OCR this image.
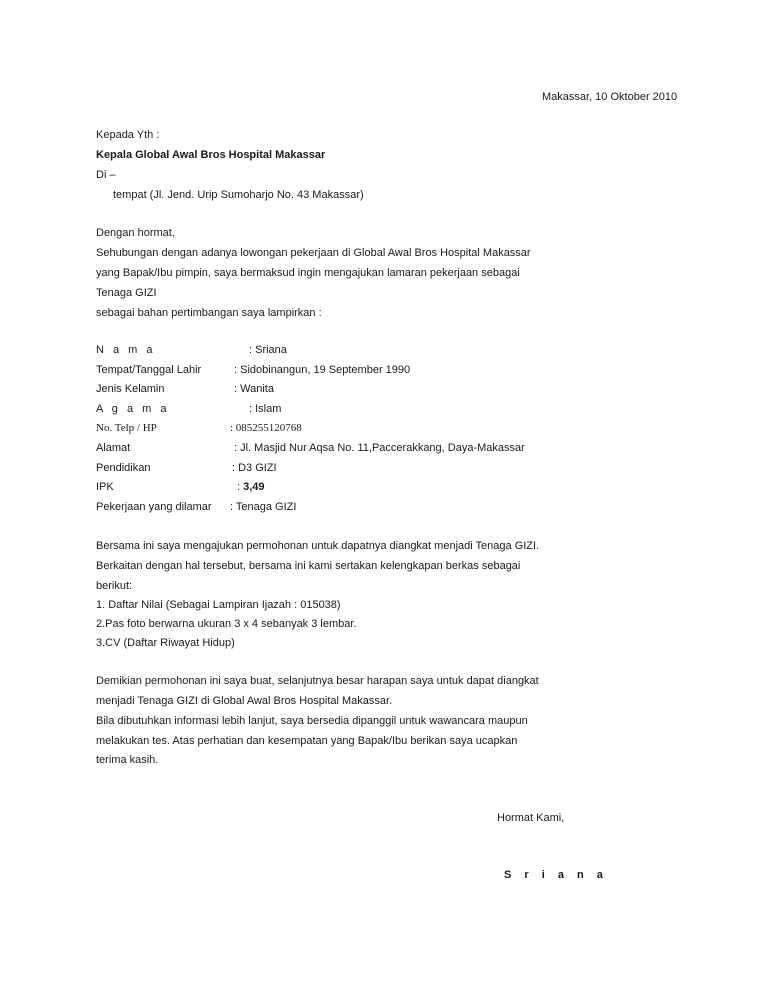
Makassar, 10 Oktober 2010
Kepada Yth :
Kepala Global Awal Bros Hospital Makassar
Di –
tempat (Jl. Jend. Urip Sumoharjo No. 43 Makassar)
Dengan hormat,
Sehubungan dengan adanya lowongan pekerjaan di Global Awal Bros Hospital Makassar
yang Bapak/Ibu pimpin, saya bermaksud ingin mengajukan lamaran pekerjaan sebagai
Tenaga GIZI
sebagai bahan pertimbangan saya lampirkan :
N a m a	: Sriana
Tempat/Tanggal Lahir	: Sidobinangun, 19 September 1990
Jenis Kelamin	: Wanita
A g a m a	: Islam
No. Telp / HP	: 085255120768
Alamat	: Jl. Masjid Nur Aqsa No. 11,Paccerakkang, Daya-Makassar
Pendidikan	: D3 GIZI
IPK	: 3,49
Pekerjaan yang dilamar : Tenaga GIZI
Bersama ini saya mengajukan permohonan untuk dapatnya diangkat menjadi Tenaga GIZI.
Berkaitan dengan hal tersebut, bersama ini kami sertakan kelengkapan berkas sebagai
berikut:
1. Daftar Nilai (Sebagai Lampiran Ijazah : 015038)
2.Pas foto berwarna ukuran 3 x 4 sebanyak 3 lembar.
3.CV (Daftar Riwayat Hidup)
Demikian permohonan ini saya buat, selanjutnya besar harapan saya untuk dapat diangkat
menjadi Tenaga GIZI di Global Awal Bros Hospital Makassar.
Bila dibutuhkan informasi lebih lanjut, saya bersedia dipanggil untuk wawancara maupun
melakukan tes. Atas perhatian dan kesempatan yang Bapak/Ibu berikan saya ucapkan
terima kasih.
Hormat Kami,
S r i a n a
